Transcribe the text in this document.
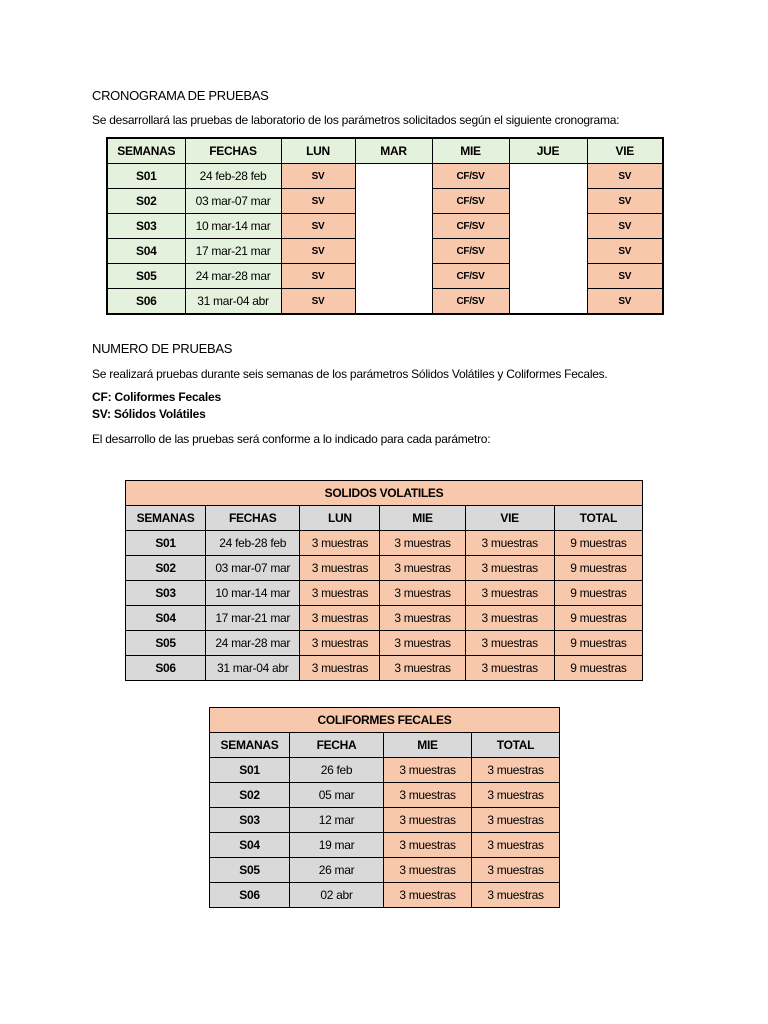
CRONOGRAMA DE PRUEBAS
Se desarrollará las pruebas de laboratorio de los parámetros solicitados según el siguiente cronograma:
SEMANAS	FECHAS	LUN	MAR	MIE	JUE	VIE
S01	24 feb-28 feb	SV		CF/SV		SV
S02	03 mar-07 mar	SV		CF/SV		SV
S03	10 mar-14 mar	SV		CF/SV		SV
S04	17 mar-21 mar	SV		CF/SV		SV
S05	24 mar-28 mar	SV		CF/SV		SV
S06	31 mar-04 abr	SV		CF/SV		SV
NUMERO DE PRUEBAS
Se realizará pruebas durante seis semanas de los parámetros Sólidos Volátiles y Coliformes Fecales.
CF: Coliformes Fecales
SV: Sólidos Volátiles
El desarrollo de las pruebas será conforme a lo indicado para cada parámetro:
SOLIDOS VOLATILES					
SEMANAS	FECHAS	LUN	MIE	VIE	TOTAL
S01	24 feb-28 feb	3 muestras	3 muestras	3 muestras	9 muestras
S02	03 mar-07 mar	3 muestras	3 muestras	3 muestras	9 muestras
S03	10 mar-14 mar	3 muestras	3 muestras	3 muestras	9 muestras
S04	17 mar-21 mar	3 muestras	3 muestras	3 muestras	9 muestras
S05	24 mar-28 mar	3 muestras	3 muestras	3 muestras	9 muestras
S06	31 mar-04 abr	3 muestras	3 muestras	3 muestras	9 muestras
COLIFORMES FECALES			
SEMANAS	FECHA	MIE	TOTAL
S01	26 feb	3 muestras	3 muestras
S02	05 mar	3 muestras	3 muestras
S03	12 mar	3 muestras	3 muestras
S04	19 mar	3 muestras	3 muestras
S05	26 mar	3 muestras	3 muestras
S06	02 abr	3 muestras	3 muestras
